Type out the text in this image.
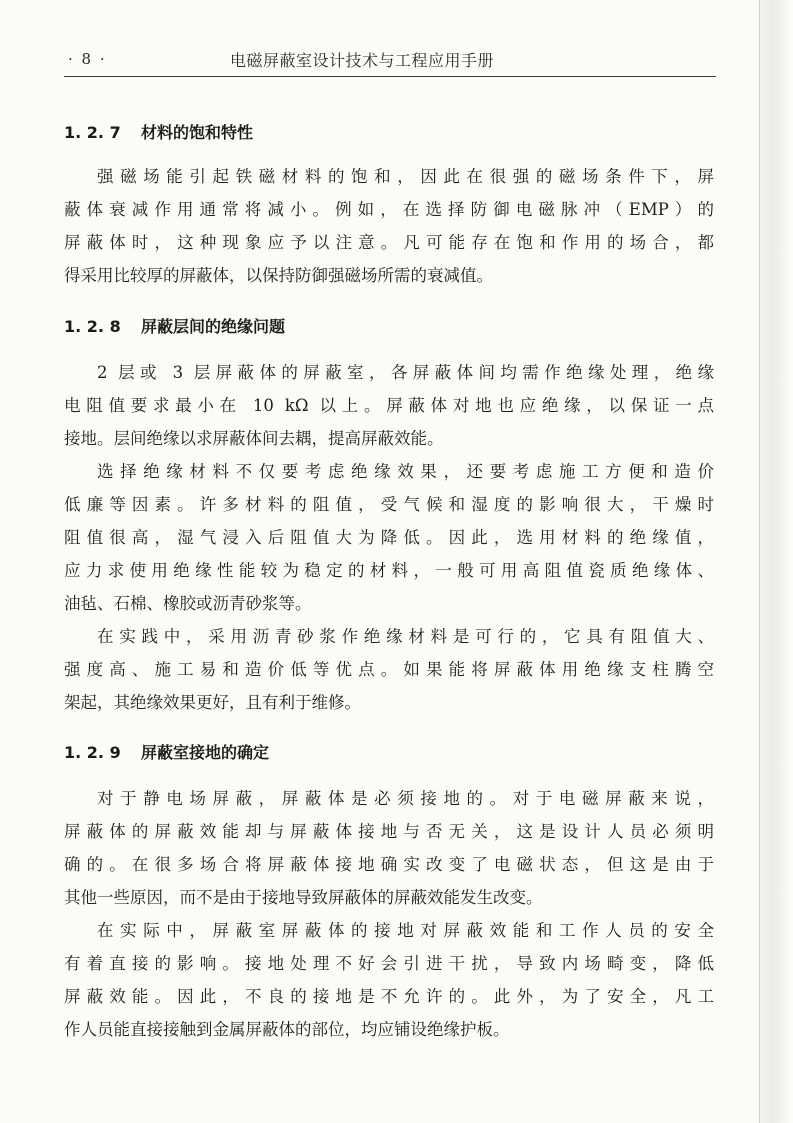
· 8 ·	电磁屏蔽室设计技术与工程应用手册
1. 2. 7 材料的饱和特性
强磁场能引起铁磁材料的饱和，因此在很强的磁场条件下，屏
蔽体衰减作用通常将减小。例如，在选择防御电磁脉冲（EMP）的
屏蔽体时，这种现象应予以注意。凡可能存在饱和作用的场合，都
得采用比较厚的屏蔽体，以保持防御强磁场所需的衰减值。
1. 2. 8 屏蔽层间的绝缘问题
2 层或 3 层屏蔽体的屏蔽室，各屏蔽体间均需作绝缘处理，绝缘
电阻值要求最小在 10 kΩ 以上。屏蔽体对地也应绝缘，以保证一点
接地。层间绝缘以求屏蔽体间去耦，提高屏蔽效能。
选择绝缘材料不仅要考虑绝缘效果，还要考虑施工方便和造价
低廉等因素。许多材料的阻值，受气候和湿度的影响很大，干燥时
阻值很高，湿气浸入后阻值大为降低。因此，选用材料的绝缘值，
应力求使用绝缘性能较为稳定的材料，一般可用高阻值瓷质绝缘体、
油毡、石棉、橡胶或沥青砂浆等。
在实践中，采用沥青砂浆作绝缘材料是可行的，它具有阻值大、
强度高、施工易和造价低等优点。如果能将屏蔽体用绝缘支柱腾空
架起，其绝缘效果更好，且有利于维修。
1. 2. 9 屏蔽室接地的确定
对于静电场屏蔽，屏蔽体是必须接地的。对于电磁屏蔽来说，
屏蔽体的屏蔽效能却与屏蔽体接地与否无关，这是设计人员必须明
确的。在很多场合将屏蔽体接地确实改变了电磁状态，但这是由于
其他一些原因，而不是由于接地导致屏蔽体的屏蔽效能发生改变。
在实际中，屏蔽室屏蔽体的接地对屏蔽效能和工作人员的安全
有着直接的影响。接地处理不好会引进干扰，导致内场畸变，降低
屏蔽效能。因此，不良的接地是不允许的。此外，为了安全，凡工
作人员能直接接触到金属屏蔽体的部位，均应铺设绝缘护板。
